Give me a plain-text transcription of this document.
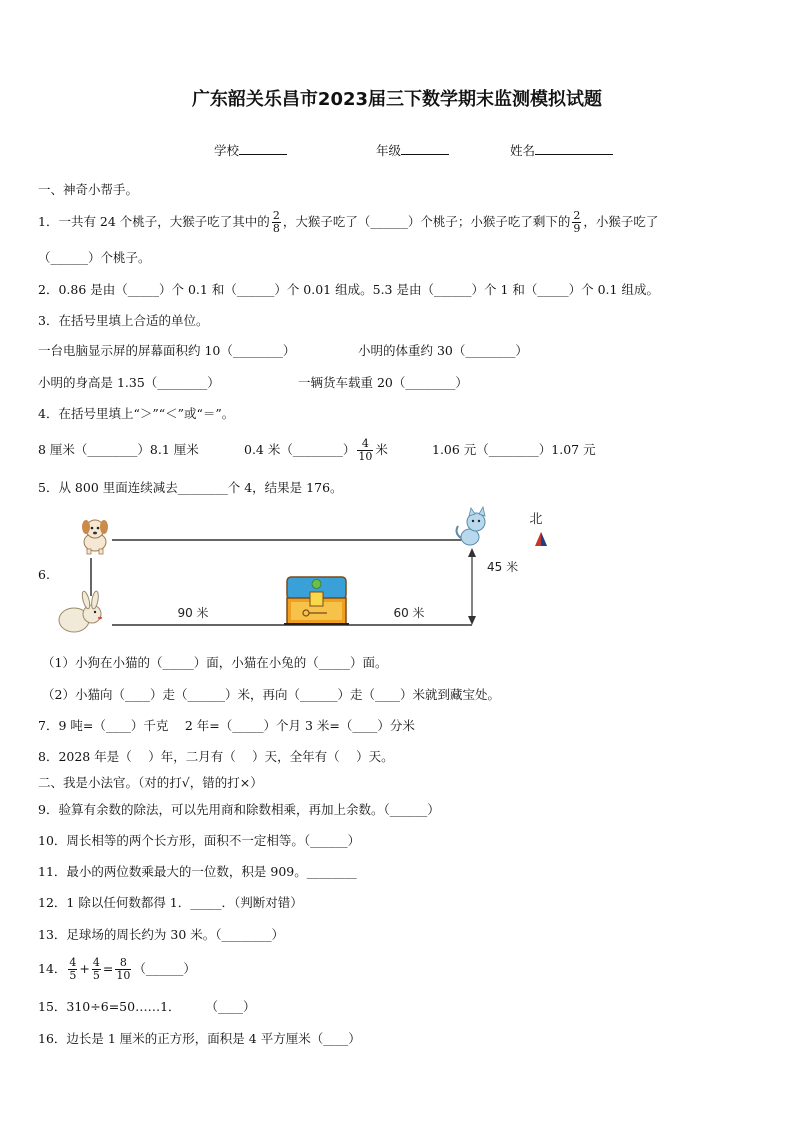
广东韶关乐昌市2023届三下数学期末监测模拟试题
学校	年级	姓名
一、神奇小帮手。
1．一共有 24 个桃子，大猴子吃了其中的 $\frac{2}{8}$ ，大猴子吃了（______）个桃子；小猴子吃了剩下的 $\frac{2}{9}$ ，小猴子吃了
（______）个桃子。
2．0.86 是由（_____）个 0.1 和（______）个 0.01 组成。5.3 是由（______）个 1 和（_____）个 0.1 组成。
3．在括号里填上合适的单位。
一台电脑显示屏的屏幕面积约 10（________）	小明的体重约 30（________）
小明的身高是 1.35（________）	一辆货车载重 20（________）
4．在括号里填上“＞”“＜”或“＝”。
8 厘米（________）8.1 厘米	0.4 米（________） $\frac{4}{10}$ 米	1.06 元（________）1.07 元
5．从 800 里面连续减去________个 4，结果是 176。
6.
90 米	60 米
45 米
北
（1）小狗在小猫的（_____）面，小猫在小兔的（_____）面。
（2）小猫向（____）走（______）米，再向（______）走（____）米就到藏宝处。
7．9 吨=（____）千克　 2 年=（_____）个月 3 米=（____）分米
8．2028 年是（　 ）年，二月有（　 ）天，全年有（　 ）天。
二、我是小法官。（对的打√，错的打×）
9．验算有余数的除法，可以先用商和除数相乘，再加上余数。（______）
10．周长相等的两个长方形，面积不一定相等。（______）
11．最小的两位数乘最大的一位数，积是 909。________
12．1 除以任何数都得 1．_____．（判断对错）
13．足球场的周长约为 30 米。（________）
14． $\frac{4}{5} + \frac{4}{5} = \frac{8}{10}$ （______）
15．310÷6=50……1．　　　（____）
16．边长是 1 厘米的正方形，面积是 4 平方厘米（____）
